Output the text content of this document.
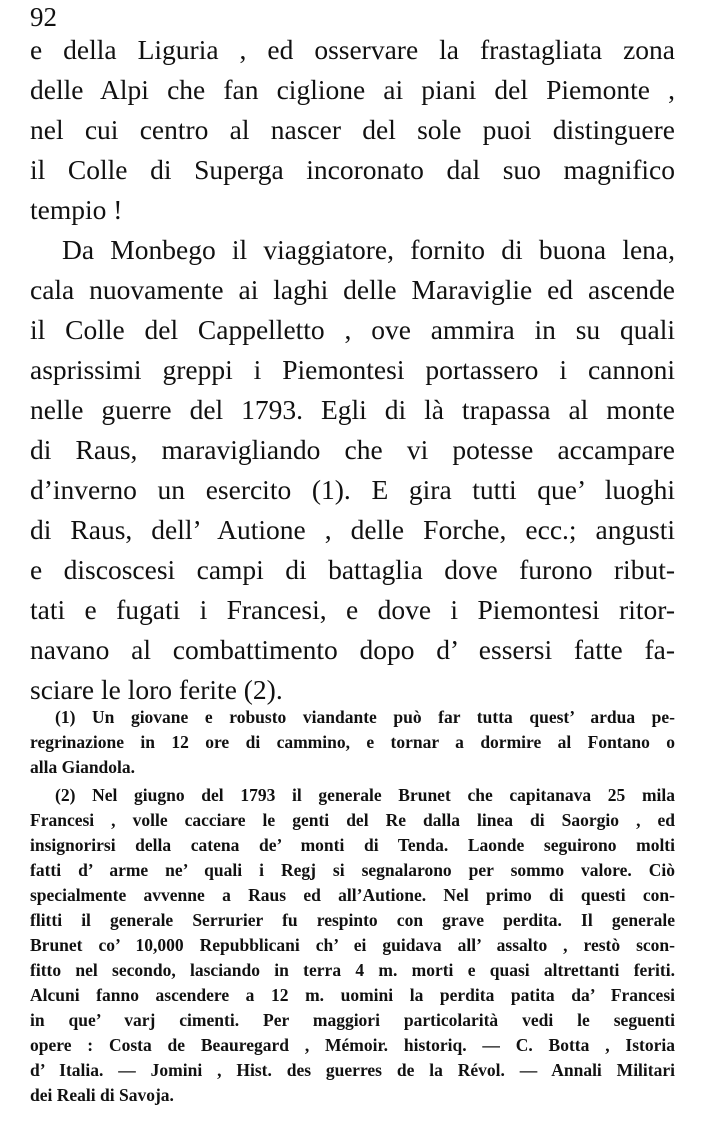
92
e della Liguria , ed osservare la frastagliata zona
delle Alpi che fan ciglione ai piani del Piemonte ,
nel cui centro al nascer del sole puoi distinguere
il Colle di Superga incoronato dal suo magnifico
tempio !
Da Monbego il viaggiatore, fornito di buona lena,
cala nuovamente ai laghi delle Maraviglie ed ascende
il Colle del Cappelletto , ove ammira in su quali
asprissimi greppi i Piemontesi portassero i cannoni
nelle guerre del 1793. Egli di là trapassa al monte
di Raus, maravigliando che vi potesse accampare
d’inverno un esercito (1). E gira tutti que’ luoghi
di Raus, dell’ Autione , delle Forche, ecc.; angusti
e discoscesi campi di battaglia dove furono ribut-
tati e fugati i Francesi, e dove i Piemontesi ritor-
navano al combattimento dopo d’ essersi fatte fa-
sciare le loro ferite (2).
(1) Un giovane e robusto viandante può far tutta quest’ ardua pe-
regrinazione in 12 ore di cammino, e tornar a dormire al Fontano o
alla Giandola.
(2) Nel giugno del 1793 il generale Brunet che capitanava 25 mila
Francesi , volle cacciare le genti del Re dalla linea di Saorgio , ed
insignorirsi della catena de’ monti di Tenda. Laonde seguirono molti
fatti d’ arme ne’ quali i Regj si segnalarono per sommo valore. Ciò
specialmente avvenne a Raus ed all’Autione. Nel primo di questi con-
flitti il generale Serrurier fu respinto con grave perdita. Il generale
Brunet co’ 10,000 Repubblicani ch’ ei guidava all’ assalto , restò scon-
fitto nel secondo, lasciando in terra 4 m. morti e quasi altrettanti feriti.
Alcuni fanno ascendere a 12 m. uomini la perdita patita da’ Francesi
in que’ varj cimenti. Per maggiori particolarità vedi le seguenti
opere : Costa de Beauregard , Mémoir. historiq. — C. Botta , Istoria
d’ Italia. — Jomini , Hist. des guerres de la Révol. — Annali Militari
dei Reali di Savoja.
